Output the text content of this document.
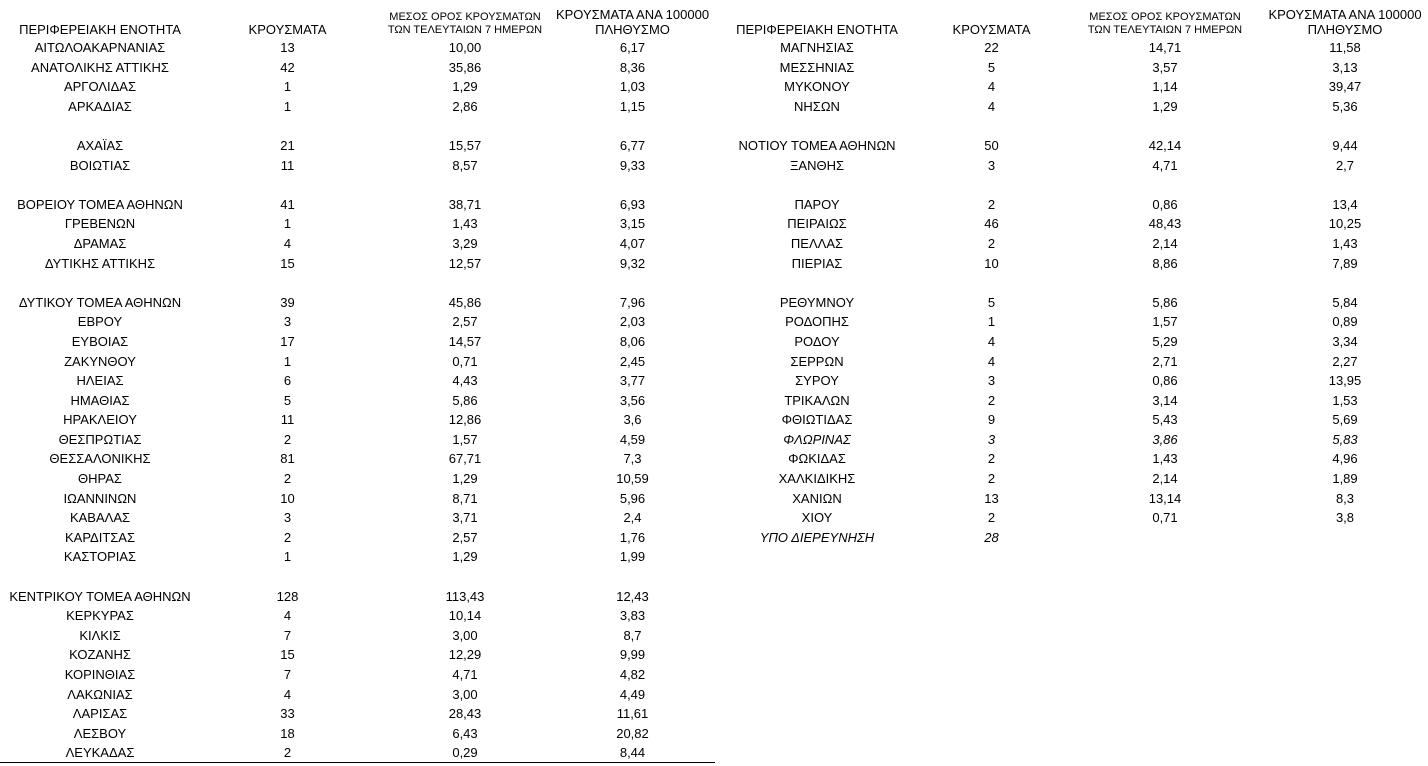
ΠΕΡΙΦΕΡΕΙΑΚΗ ΕΝΟΤΗΤΑ	ΚΡΟΥΣΜΑΤΑ
ΜΕΣΟΣ ΟΡΟΣ ΚΡΟΥΣΜΑΤΩΝ
ΤΩΝ ΤΕΛΕΥΤΑΙΩΝ 7 ΗΜΕΡΩΝ
ΚΡΟΥΣΜΑΤΑ ΑΝΑ 100000
ΠΛΗΘΥΣΜΟ
ΑΙΤΩΛΟΑΚΑΡΝΑΝΙΑΣ	13	10,00	6,17
ΑΝΑΤΟΛΙΚΗΣ ΑΤΤΙΚΗΣ	42	35,86	8,36
ΑΡΓΟΛΙΔΑΣ	1	1,29	1,03
ΑΡΚΑΔΙΑΣ	1	2,86	1,15
ΑΧΑΪΑΣ	21	15,57	6,77
ΒΟΙΩΤΙΑΣ	11	8,57	9,33
ΒΟΡΕΙΟΥ ΤΟΜΕΑ ΑΘΗΝΩΝ	41	38,71	6,93
ΓΡΕΒΕΝΩΝ	1	1,43	3,15
ΔΡΑΜΑΣ	4	3,29	4,07
ΔΥΤΙΚΗΣ ΑΤΤΙΚΗΣ	15	12,57	9,32
ΔΥΤΙΚΟΥ ΤΟΜΕΑ ΑΘΗΝΩΝ	39	45,86	7,96
ΕΒΡΟΥ	3	2,57	2,03
ΕΥΒΟΙΑΣ	17	14,57	8,06
ΖΑΚΥΝΘΟΥ	1	0,71	2,45
ΗΛΕΙΑΣ	6	4,43	3,77
ΗΜΑΘΙΑΣ	5	5,86	3,56
ΗΡΑΚΛΕΙΟΥ	11	12,86	3,6
ΘΕΣΠΡΩΤΙΑΣ	2	1,57	4,59
ΘΕΣΣΑΛΟΝΙΚΗΣ	81	67,71	7,3
ΘΗΡΑΣ	2	1,29	10,59
ΙΩΑΝΝΙΝΩΝ	10	8,71	5,96
ΚΑΒΑΛΑΣ	3	3,71	2,4
ΚΑΡΔΙΤΣΑΣ	2	2,57	1,76
ΚΑΣΤΟΡΙΑΣ	1	1,29	1,99
ΚΕΝΤΡΙΚΟΥ ΤΟΜΕΑ ΑΘΗΝΩΝ	128	113,43	12,43
ΚΕΡΚΥΡΑΣ	4	10,14	3,83
ΚΙΛΚΙΣ	7	3,00	8,7
ΚΟΖΑΝΗΣ	15	12,29	9,99
ΚΟΡΙΝΘΙΑΣ	7	4,71	4,82
ΛΑΚΩΝΙΑΣ	4	3,00	4,49
ΛΑΡΙΣΑΣ	33	28,43	11,61
ΛΕΣΒΟΥ	18	6,43	20,82
ΛΕΥΚΑΔΑΣ	2	0,29	8,44
ΠΕΡΙΦΕΡΕΙΑΚΗ ΕΝΟΤΗΤΑ	ΚΡΟΥΣΜΑΤΑ
ΜΕΣΟΣ ΟΡΟΣ ΚΡΟΥΣΜΑΤΩΝ
ΤΩΝ ΤΕΛΕΥΤΑΙΩΝ 7 ΗΜΕΡΩΝ
ΚΡΟΥΣΜΑΤΑ ΑΝΑ 100000
ΠΛΗΘΥΣΜΟ
ΜΑΓΝΗΣΙΑΣ	22	14,71	11,58
ΜΕΣΣΗΝΙΑΣ	5	3,57	3,13
ΜΥΚΟΝΟΥ	4	1,14	39,47
ΝΗΣΩΝ	4	1,29	5,36
ΝΟΤΙΟΥ ΤΟΜΕΑ ΑΘΗΝΩΝ	50	42,14	9,44
ΞΑΝΘΗΣ	3	4,71	2,7
ΠΑΡΟΥ	2	0,86	13,4
ΠΕΙΡΑΙΩΣ	46	48,43	10,25
ΠΕΛΛΑΣ	2	2,14	1,43
ΠΙΕΡΙΑΣ	10	8,86	7,89
ΡΕΘΥΜΝΟΥ	5	5,86	5,84
ΡΟΔΟΠΗΣ	1	1,57	0,89
ΡΟΔΟΥ	4	5,29	3,34
ΣΕΡΡΩΝ	4	2,71	2,27
ΣΥΡΟΥ	3	0,86	13,95
ΤΡΙΚΑΛΩΝ	2	3,14	1,53
ΦΘΙΩΤΙΔΑΣ	9	5,43	5,69
ΦΛΩΡΙΝΑΣ	3	3,86	5,83
ΦΩΚΙΔΑΣ	2	1,43	4,96
ΧΑΛΚΙΔΙΚΗΣ	2	2,14	1,89
ΧΑΝΙΩΝ	13	13,14	8,3
ΧΙΟΥ	2	0,71	3,8
ΥΠΟ ΔΙΕΡΕΥΝΗΣΗ	28
